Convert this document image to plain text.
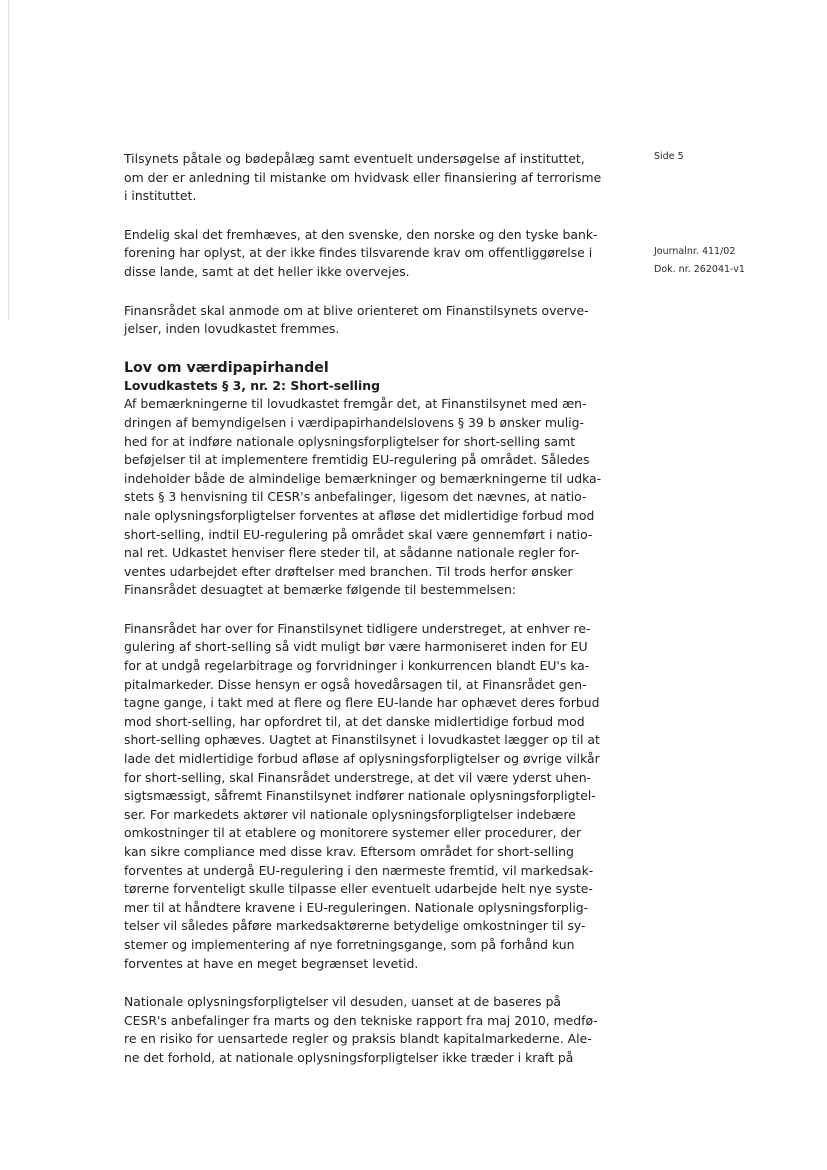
Side 5
Journalnr. 411/02
Dok. nr. 262041-v1

Tilsynets påtale og bødepålæg samt eventuelt undersøgelse af instituttet,
om der er anledning til mistanke om hvidvask eller finansiering af terrorisme
i instituttet.

Endelig skal det fremhæves, at den svenske, den norske og den tyske bank-
forening har oplyst, at der ikke findes tilsvarende krav om offentliggørelse i
disse lande, samt at det heller ikke overvejes.

Finansrådet skal anmode om at blive orienteret om Finanstilsynets overve-
jelser, inden lovudkastet fremmes.

Lov om værdipapirhandel
Lovudkastets § 3, nr. 2: Short-selling

Af bemærkningerne til lovudkastet fremgår det, at Finanstilsynet med æn-
dringen af bemyndigelsen i værdipapirhandelslovens § 39 b ønsker mulig-
hed for at indføre nationale oplysningsforpligtelser for short-selling samt
beføjelser til at implementere fremtidig EU-regulering på området. Således
indeholder både de almindelige bemærkninger og bemærkningerne til udka-
stets § 3 henvisning til CESR's anbefalinger, ligesom det nævnes, at natio-
nale oplysningsforpligtelser forventes at afløse det midlertidige forbud mod
short-selling, indtil EU-regulering på området skal være gennemført i natio-
nal ret. Udkastet henviser flere steder til, at sådanne nationale regler for-
ventes udarbejdet efter drøftelser med branchen. Til trods herfor ønsker
Finansrådet desuagtet at bemærke følgende til bestemmelsen:

Finansrådet har over for Finanstilsynet tidligere understreget, at enhver re-
gulering af short-selling så vidt muligt bør være harmoniseret inden for EU
for at undgå regelarbitrage og forvridninger i konkurrencen blandt EU's ka-
pitalmarkeder. Disse hensyn er også hovedårsagen til, at Finansrådet gen-
tagne gange, i takt med at flere og flere EU-lande har ophævet deres forbud
mod short-selling, har opfordret til, at det danske midlertidige forbud mod
short-selling ophæves. Uagtet at Finanstilsynet i lovudkastet lægger op til at
lade det midlertidige forbud afløse af oplysningsforpligtelser og øvrige vilkår
for short-selling, skal Finansrådet understrege, at det vil være yderst uhen-
sigtsmæssigt, såfremt Finanstilsynet indfører nationale oplysningsforpligtel-
ser. For markedets aktører vil nationale oplysningsforpligtelser indebære
omkostninger til at etablere og monitorere systemer eller procedurer, der
kan sikre compliance med disse krav. Eftersom området for short-selling
forventes at undergå EU-regulering i den nærmeste fremtid, vil markedsak-
tørerne forventeligt skulle tilpasse eller eventuelt udarbejde helt nye syste-
mer til at håndtere kravene i EU-reguleringen. Nationale oplysningsforplig-
telser vil således påføre markedsaktørerne betydelige omkostninger til sy-
stemer og implementering af nye forretningsgange, som på forhånd kun
forventes at have en meget begrænset levetid.

Nationale oplysningsforpligtelser vil desuden, uanset at de baseres på
CESR's anbefalinger fra marts og den tekniske rapport fra maj 2010, medfø-
re en risiko for uensartede regler og praksis blandt kapitalmarkederne. Ale-
ne det forhold, at nationale oplysningsforpligtelser ikke træder i kraft på
